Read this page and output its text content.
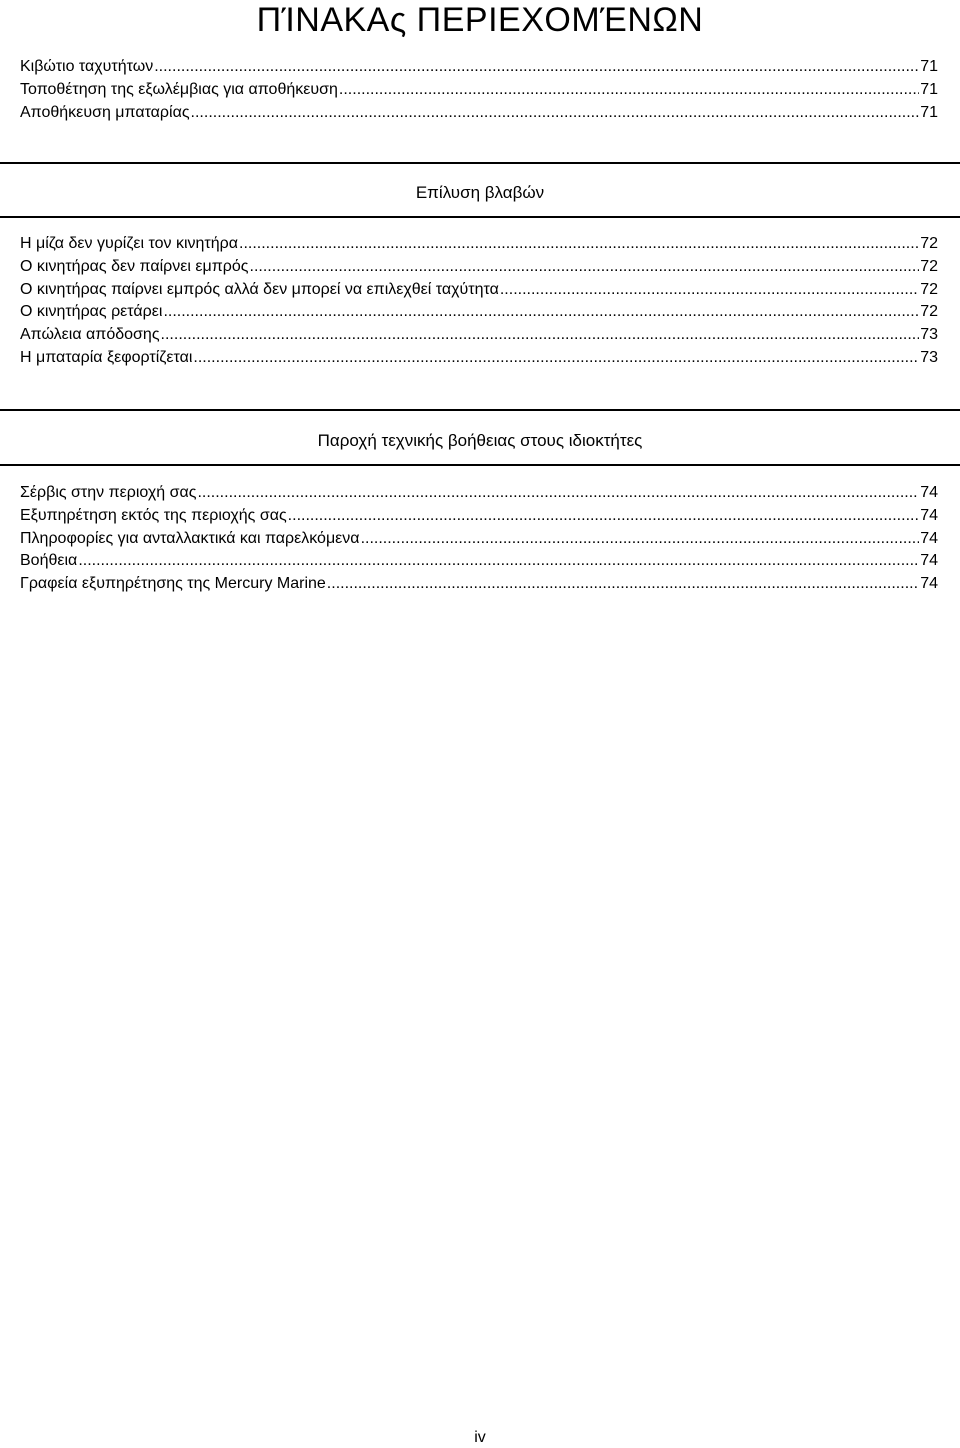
ΠΊΝΑΚAς ΠΕΡΙΕΧΟΜΈΝΩΝ
Κιβώτιο ταχυτήτων .....	71
Τοποθέτηση της εξωλέμβιας για αποθήκευση .....	71
Αποθήκευση μπαταρίας .....	71
Επίλυση βλαβών
Η μίζα δεν γυρίζει τον κινητήρα .....	72
Ο κινητήρας δεν παίρνει εμπρός .....	72
Ο κινητήρας παίρνει εμπρός αλλά δεν μπορεί να επιλεχθεί ταχύτητα .....	72
Ο κινητήρας ρετάρει .....	72
Απώλεια απόδοσης .....	73
Η μπαταρία ξεφορτίζεται .....	73
Παροχή τεχνικής βοήθειας στους ιδιοκτήτες
Σέρβις στην περιοχή σας .....	74
Εξυπηρέτηση εκτός της περιοχής σας .....	74
Πληροφορίες για ανταλλακτικά και παρελκόμενα .....	74
Βοήθεια .....	74
Γραφεία εξυπηρέτησης της Mercury Marine .....	74
iv
